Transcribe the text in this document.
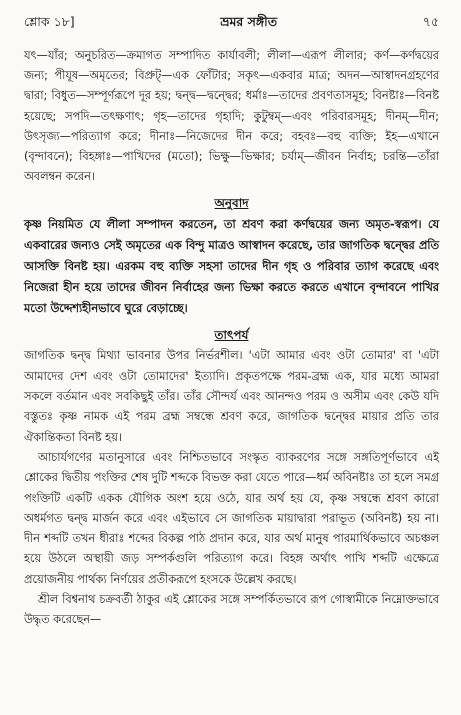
শ্লোক ১৮]	ভ্রমর সঙ্গীত	৭৫

যৎ—যাঁর; অনুচরিত—ক্রমাগত সম্পাদিত কার্যাবলী; লীলা—এরূপ লীলার; কর্ণ—কর্ণদ্বয়ের জন্য; পীযূষ—অমৃতের; বিপ্রুট্—এক ফোঁটার; সকৃৎ—একবার মাত্র; অদন—আস্বাদনগ্রহণের দ্বারা; বিধুত—সম্পূর্ণরূপে দূর হয়; দ্বন্দ্ব—দ্বন্দ্বের; ধর্মাঃ—তাদের প্রবণতাসমূহ; বিনষ্টাঃ—বিনষ্ট হয়েছে; সপদি—তৎক্ষণাৎ; গৃহ—তাদের গৃহাদি; কুটুম্বম্—এবং পরিবারসমূহ; দীনম্—দীন; উৎসৃজ্য—পরিত্যাগ করে; দীনাঃ—নিজেদের দীন করে; বহবঃ—বহু ব্যক্তি; ইহ—এখানে (বৃন্দাবনে); বিহঙ্গাঃ—পাখিদের (মতো); ভিক্ষু—ভিক্ষার; চর্যাম্—জীবন নির্বাহ; চরন্তি—তাঁরা অবলম্বন করেন।

অনুবাদ

কৃষ্ণ নিয়মিত যে লীলা সম্পাদন করতেন, তা শ্রবণ করা কর্ণদ্বয়ের জন্য অমৃত-স্বরূপ। যে একবারের জন্যও সেই অমৃতের এক বিন্দু মাত্রও আস্বাদন করেছে, তার জাগতিক দ্বন্দ্বের প্রতি আসক্তি বিনষ্ট হয়। এরকম বহু ব্যক্তি সহসা তাদের দীন গৃহ ও পরিবার ত্যাগ করেছে এবং নিজেরা হীন হয়ে তাদের জীবন নির্বাহের জন্য ভিক্ষা করতে করতে এখানে বৃন্দাবনে পাখির মতো উদ্দেশ্যহীনভাবে ঘুরে বেড়াচ্ছে।

তাৎপর্য

জাগতিক দ্বন্দ্ব মিথ্যা ভাবনার উপর নির্ভরশীল। 'এটা আমার এবং ওটা তোমার' বা 'এটা আমাদের দেশ এবং ওটা তোমাদের' ইত্যাদি। প্রকৃতপক্ষে পরম-ব্রহ্ম এক, যার মধ্যে আমরা সকলে বর্তমান এবং সবকিছুই তাঁর। তাঁর সৌন্দর্য এবং আনন্দও পরম ও অসীম এবং কেউ যদি বস্তুতঃ কৃষ্ণ নামক এই পরম ব্রহ্ম সম্বন্ধে শ্রবণ করে, জাগতিক দ্বন্দ্বের মায়ার প্রতি তার ঐকান্তিকতা বিনষ্ট হয়।

আচার্যগণের মতানুসারে এবং নিশ্চিতভাবে সংস্কৃত ব্যাকরণের সঙ্গে সঙ্গতিপূর্ণভাবে এই শ্লোকের দ্বিতীয় পংক্তির শেষ দুটি শব্দকে বিভক্ত করা যেতে পারে—ধর্ম অবিনষ্টাঃ তা হলে সমগ্র পংক্তিটি একটি একক যৌগিক অংশ হয়ে ওঠে, যার অর্থ হয় যে, কৃষ্ণ সম্বন্ধে শ্রবণ কারো অধর্মগত দ্বন্দ্ব মার্জন করে এবং এইভাবে সে জাগতিক মায়াদ্বারা পরাভূত (অবিনষ্ট) হয় না। দীন শব্দটি তখন ধীরাঃ শব্দের বিকল্প পাঠ প্রদান করে, যার অর্থ মানুষ পারমার্থিকভাবে অচঞ্চল হয়ে উঠলে অস্থায়ী জড় সম্পর্কগুলি পরিত্যাগ করে। বিহঙ্গ অর্থাৎ পাখি শব্দটি এক্ষেত্রে প্রয়োজনীয় পার্থক্য নির্ণয়ের প্রতীকরূপে হংসকে উল্লেখ করছে।

শ্রীল বিশ্বনাথ চক্রবর্তী ঠাকুর এই শ্লোকের সঙ্গে সম্পর্কিতভাবে রূপ গোস্বামীকে নিম্নোক্তভাবে উদ্ধৃত করেছেন—
